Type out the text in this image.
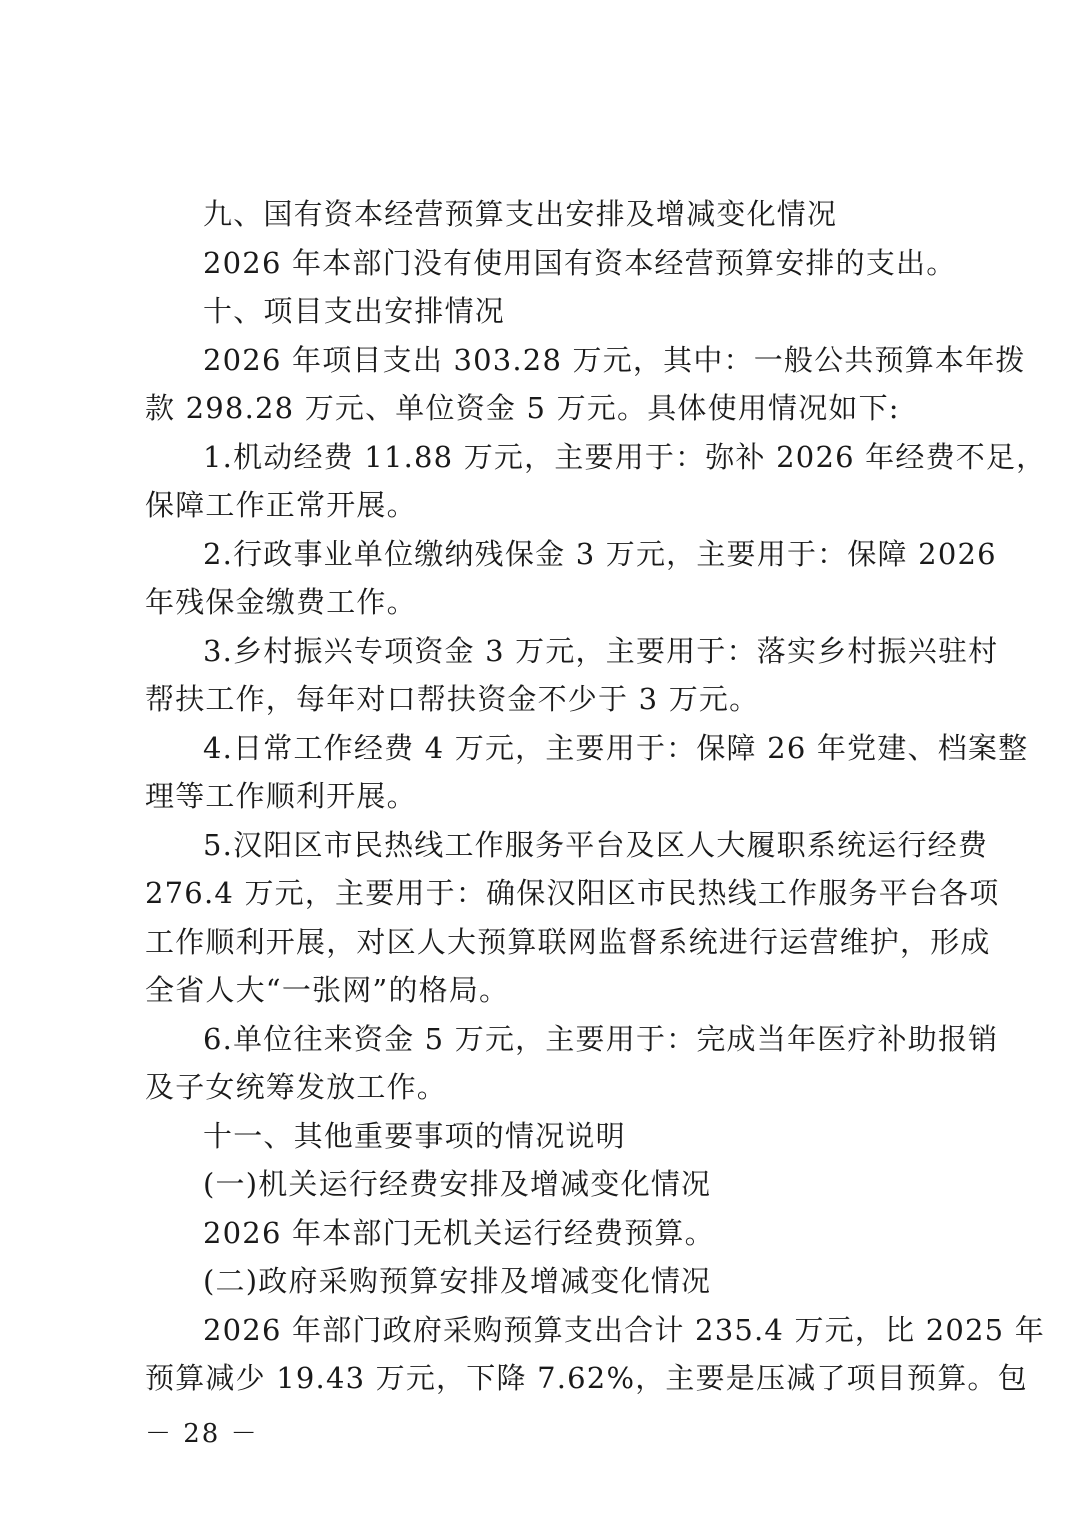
九、国有资本经营预算支出安排及增减变化情况
2026 年本部门没有使用国有资本经营预算安排的支出。
十、项目支出安排情况
2026 年项目支出 303.28 万元，其中：一般公共预算本年拨
款 298.28 万元、单位资金 5 万元。具体使用情况如下:
1.机动经费 11.88 万元，主要用于：弥补 2026 年经费不足，
保障工作正常开展。
2.行政事业单位缴纳残保金 3 万元，主要用于：保障 2026
年残保金缴费工作。
3.乡村振兴专项资金 3 万元，主要用于：落实乡村振兴驻村
帮扶工作，每年对口帮扶资金不少于 3 万元。
4.日常工作经费 4 万元，主要用于：保障 26 年党建、档案整
理等工作顺利开展。
5.汉阳区市民热线工作服务平台及区人大履职系统运行经费
276.4 万元，主要用于：确保汉阳区市民热线工作服务平台各项
工作顺利开展，对区人大预算联网监督系统进行运营维护，形成
全省人大“一张网”的格局。
6.单位往来资金 5 万元，主要用于：完成当年医疗补助报销
及子女统筹发放工作。
十一、其他重要事项的情况说明
(一)机关运行经费安排及增减变化情况
2026 年本部门无机关运行经费预算。
(二)政府采购预算安排及增减变化情况
2026 年部门政府采购预算支出合计 235.4 万元，比 2025 年
预算减少 19.43 万元，下降 7.62%，主要是压减了项目预算。包
－ 28 －
